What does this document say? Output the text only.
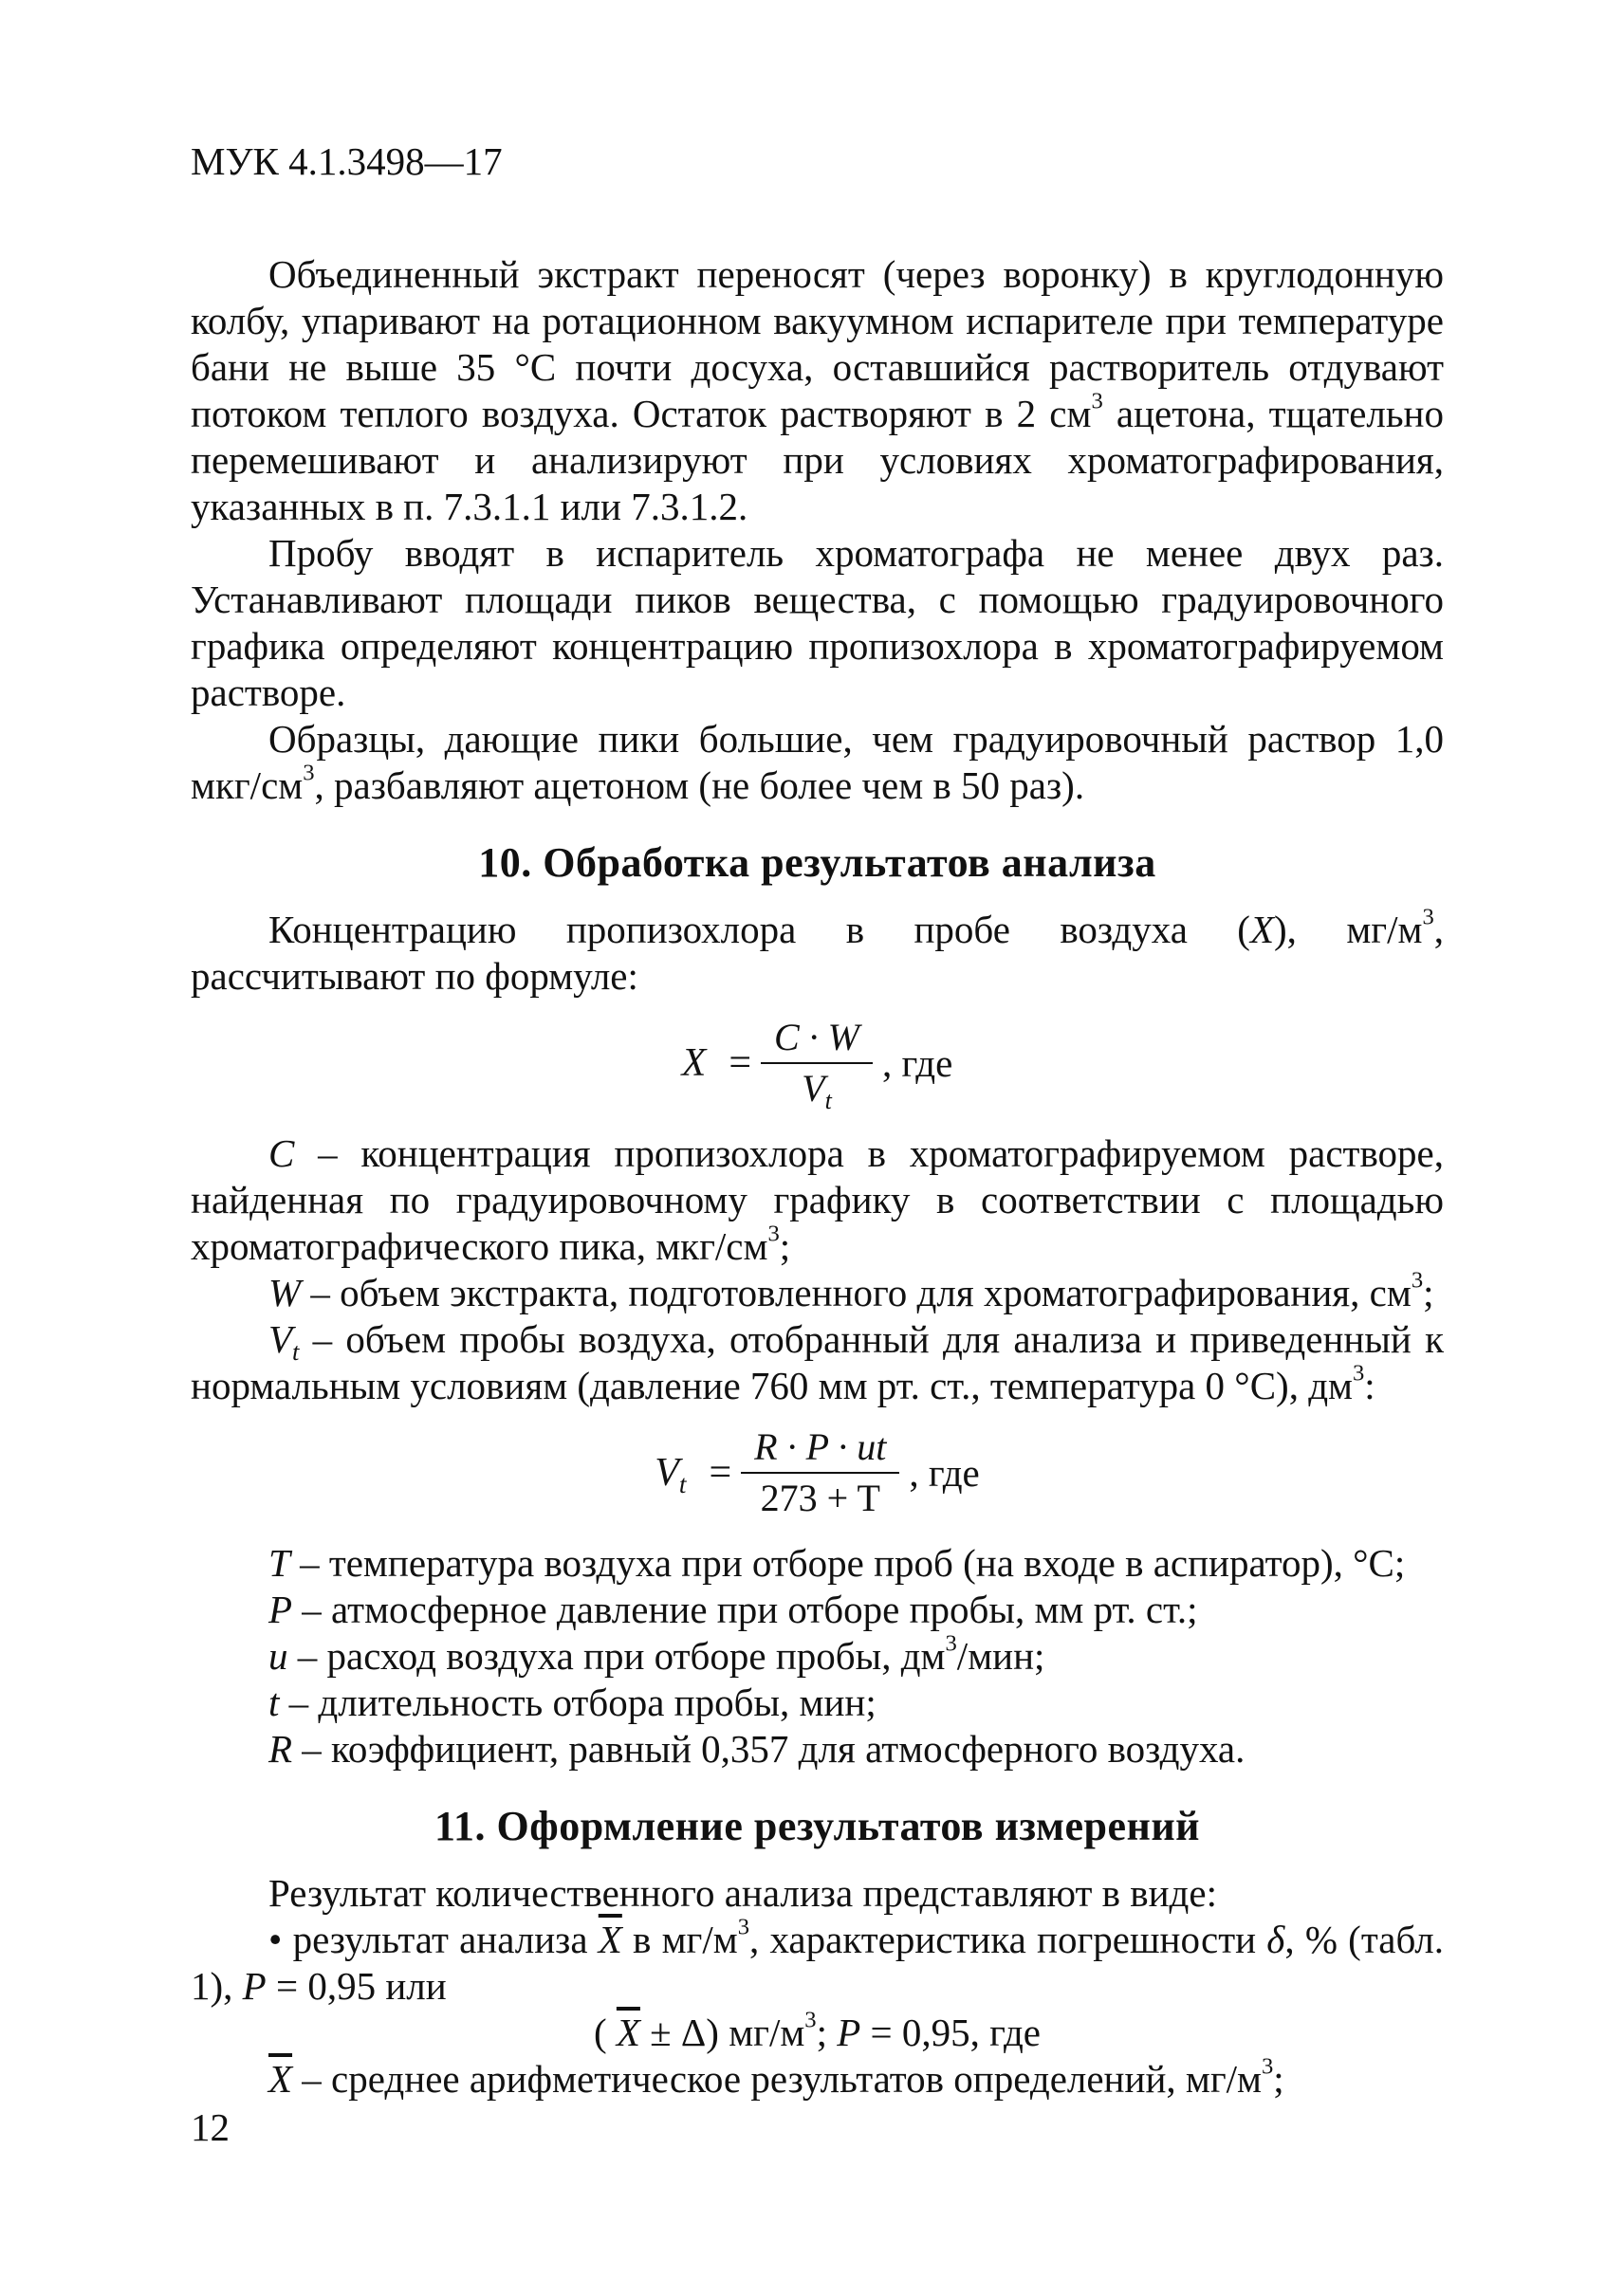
МУК 4.1.3498—17

Объединенный экстракт переносят (через воронку) в круглодонную колбу, упаривают на ротационном вакуумном испарителе при температуре бани не выше 35 °С почти досуха, оставшийся растворитель отдувают потоком теплого воздуха. Остаток растворяют в 2 $см^3$ ацетона, тщательно перемешивают и анализируют при условиях хроматографирования, указанных в п. 7.3.1.1 или 7.3.1.2.

Пробу вводят в испаритель хроматографа не менее двух раз. Устанавливают площади пиков вещества, с помощью градуировочного графика определяют концентрацию пропизохлора в хроматографируемом растворе.

Образцы, дающие пики большие, чем градуировочный раствор 1,0 мкг/$см^3$, разбавляют ацетоном (не более чем в 50 раз).

10. Обработка результатов анализа

Концентрацию пропизохлора в пробе воздуха (X), $мг/м^3$, рассчитывают по формуле:

$X = \frac{C \cdot W}{V_t}$ , где

C – концентрация пропизохлора в хроматографируемом растворе, найденная по градуировочному графику в соответствии с площадью хроматографического пика, мкг/$см^3$;

W – объем экстракта, подготовленного для хроматографирования, $см^3$;

$V_t$ – объем пробы воздуха, отобранный для анализа и приведенный к нормальным условиям (давление 760 мм рт. ст., температура 0 °С), $дм^3$:

$V_t = \frac{R \cdot P \cdot ut}{273 + T}$ , где

T – температура воздуха при отборе проб (на входе в аспиратор), °С;

P – атмосферное давление при отборе пробы, мм рт. ст.;

u – расход воздуха при отборе пробы, $дм^3$/мин;

t – длительность отбора пробы, мин;

R – коэффициент, равный 0,357 для атмосферного воздуха.

11. Оформление результатов измерений

Результат количественного анализа представляют в виде:

• результат анализа $\overline{X}$ в $мг/м^3$, характеристика погрешности δ, % (табл. 1), P = 0,95 или

( $\overline{X} \pm \Delta$) $мг/м^3$; P = 0,95, где

$\overline{X}$ – среднее арифметическое результатов определений, $мг/м^3$;

12
